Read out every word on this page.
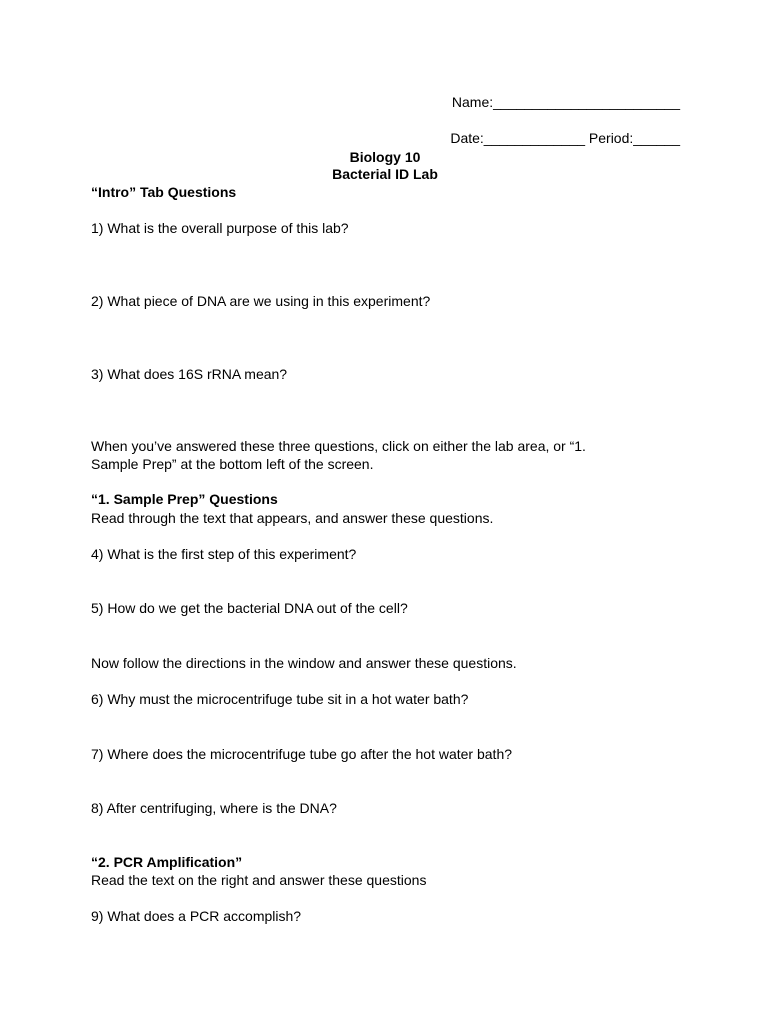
Name:________________________
Date:_____________ Period:______
Biology 10
Bacterial ID Lab
“Intro” Tab Questions
1) What is the overall purpose of this lab?
2) What piece of DNA are we using in this experiment?
3) What does 16S rRNA mean?
When you’ve answered these three questions, click on either the lab area, or “1.
Sample Prep” at the bottom left of the screen.
“1. Sample Prep” Questions
Read through the text that appears, and answer these questions.
4) What is the first step of this experiment?
5) How do we get the bacterial DNA out of the cell?
Now follow the directions in the window and answer these questions.
6) Why must the microcentrifuge tube sit in a hot water bath?
7) Where does the microcentrifuge tube go after the hot water bath?
8) After centrifuging, where is the DNA?
“2. PCR Amplification”
Read the text on the right and answer these questions
9) What does a PCR accomplish?
